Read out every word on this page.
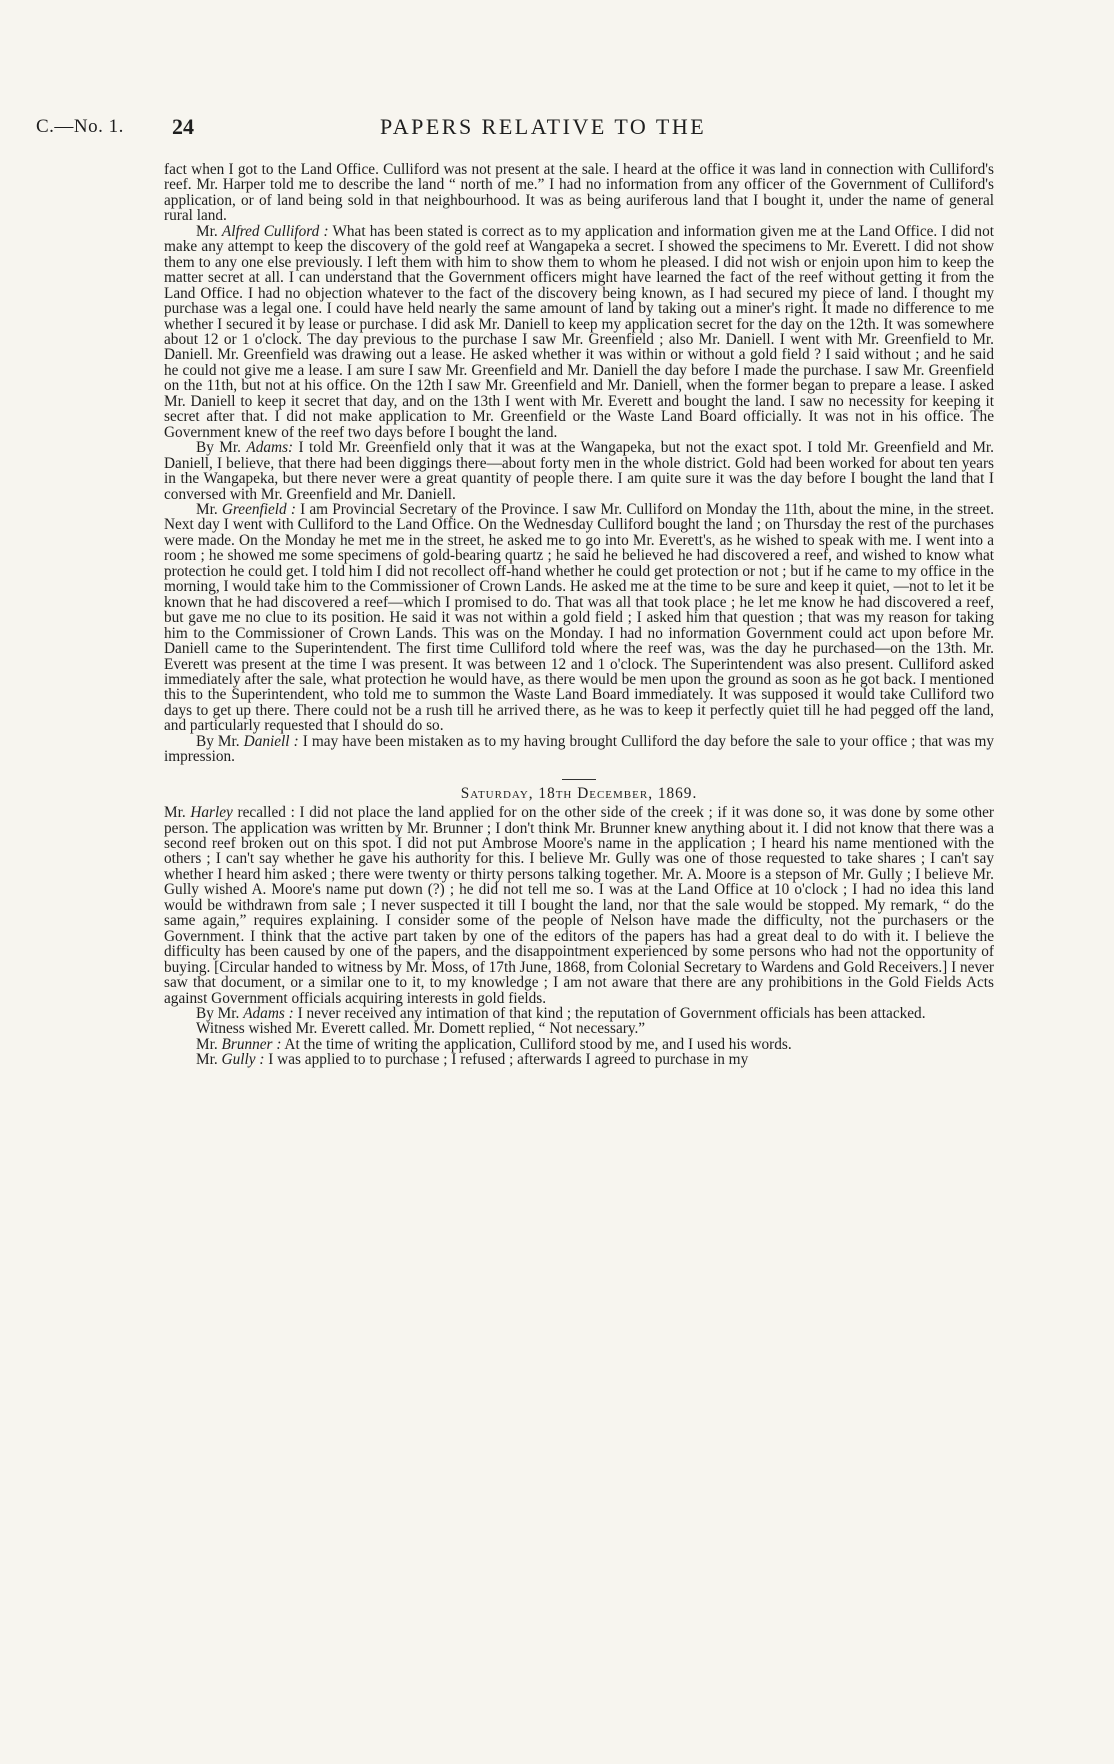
C.—No. 1. 24	PAPERS RELATIVE TO THE

fact when I got to the Land Office. Culliford was not present at the sale. I heard at the office it was land in connection with Culliford's reef. Mr. Harper told me to describe the land “ north of me.” I had no information from any officer of the Government of Culliford's application, or of land being sold in that neighbourhood. It was as being auriferous land that I bought it, under the name of general rural land.

Mr. Alfred Culliford : What has been stated is correct as to my application and information given me at the Land Office. I did not make any attempt to keep the discovery of the gold reef at Wangapeka a secret. I showed the specimens to Mr. Everett. I did not show them to any one else previously. I left them with him to show them to whom he pleased. I did not wish or enjoin upon him to keep the matter secret at all. I can understand that the Government officers might have learned the fact of the reef without getting it from the Land Office. I had no objection whatever to the fact of the discovery being known, as I had secured my piece of land. I thought my purchase was a legal one. I could have held nearly the same amount of land by taking out a miner's right. It made no difference to me whether I secured it by lease or purchase. I did ask Mr. Daniell to keep my application secret for the day on the 12th. It was somewhere about 12 or 1 o'clock. The day previous to the purchase I saw Mr. Greenfield ; also Mr. Daniell. I went with Mr. Greenfield to Mr. Daniell. Mr. Greenfield was drawing out a lease. He asked whether it was within or without a gold field ? I said without ; and he said he could not give me a lease. I am sure I saw Mr. Greenfield and Mr. Daniell the day before I made the purchase. I saw Mr. Greenfield on the 11th, but not at his office. On the 12th I saw Mr. Greenfield and Mr. Daniell, when the former began to prepare a lease. I asked Mr. Daniell to keep it secret that day, and on the 13th I went with Mr. Everett and bought the land. I saw no necessity for keeping it secret after that. I did not make application to Mr. Greenfield or the Waste Land Board officially. It was not in his office. The Government knew of the reef two days before I bought the land.

By Mr. Adams: I told Mr. Greenfield only that it was at the Wangapeka, but not the exact spot. I told Mr. Greenfield and Mr. Daniell, I believe, that there had been diggings there—about forty men in the whole district. Gold had been worked for about ten years in the Wangapeka, but there never were a great quantity of people there. I am quite sure it was the day before I bought the land that I conversed with Mr. Greenfield and Mr. Daniell.

Mr. Greenfield : I am Provincial Secretary of the Province. I saw Mr. Culliford on Monday the 11th, about the mine, in the street. Next day I went with Culliford to the Land Office. On the Wednesday Culliford bought the land ; on Thursday the rest of the purchases were made. On the Monday he met me in the street, he asked me to go into Mr. Everett's, as he wished to speak with me. I went into a room ; he showed me some specimens of gold-bearing quartz ; he said he believed he had discovered a reef, and wished to know what protection he could get. I told him I did not recollect off-hand whether he could get protection or not ; but if he came to my office in the morning, I would take him to the Commissioner of Crown Lands. He asked me at the time to be sure and keep it quiet, —not to let it be known that he had discovered a reef—which I promised to do. That was all that took place ; he let me know he had discovered a reef, but gave me no clue to its position. He said it was not within a gold field ; I asked him that question ; that was my reason for taking him to the Commissioner of Crown Lands. This was on the Monday. I had no information Government could act upon before Mr. Daniell came to the Superintendent. The first time Culliford told where the reef was, was the day he purchased—on the 13th. Mr. Everett was present at the time I was present. It was between 12 and 1 o'clock. The Superintendent was also present. Culliford asked immediately after the sale, what protection he would have, as there would be men upon the ground as soon as he got back. I mentioned this to the Superintendent, who told me to summon the Waste Land Board immediately. It was supposed it would take Culliford two days to get up there. There could not be a rush till he arrived there, as he was to keep it perfectly quiet till he had pegged off the land, and particularly requested that I should do so.

By Mr. Daniell : I may have been mistaken as to my having brought Culliford the day before the sale to your office ; that was my impression.

Saturday, 18th December, 1869.

Mr. Harley recalled : I did not place the land applied for on the other side of the creek ; if it was done so, it was done by some other person. The application was written by Mr. Brunner ; I don't think Mr. Brunner knew anything about it. I did not know that there was a second reef broken out on this spot. I did not put Ambrose Moore's name in the application ; I heard his name mentioned with the others ; I can't say whether he gave his authority for this. I believe Mr. Gully was one of those requested to take shares ; I can't say whether I heard him asked ; there were twenty or thirty persons talking together. Mr. A. Moore is a stepson of Mr. Gully ; I believe Mr. Gully wished A. Moore's name put down (?) ; he did not tell me so. I was at the Land Office at 10 o'clock ; I had no idea this land would be withdrawn from sale ; I never suspected it till I bought the land, nor that the sale would be stopped. My remark, “ do the same again,” requires explaining. I consider some of the people of Nelson have made the difficulty, not the purchasers or the Government. I think that the active part taken by one of the editors of the papers has had a great deal to do with it. I believe the difficulty has been caused by one of the papers, and the disappointment experienced by some persons who had not the opportunity of buying. [Circular handed to witness by Mr. Moss, of 17th June, 1868, from Colonial Secretary to Wardens and Gold Receivers.] I never saw that document, or a similar one to it, to my knowledge ; I am not aware that there are any prohibitions in the Gold Fields Acts against Government officials acquiring interests in gold fields.

By Mr. Adams : I never received any intimation of that kind ; the reputation of Government officials has been attacked.

Witness wished Mr. Everett called. Mr. Domett replied, “ Not necessary.”

Mr. Brunner : At the time of writing the application, Culliford stood by me, and I used his words.

Mr. Gully : I was applied to to purchase ; I refused ; afterwards I agreed to purchase in my
